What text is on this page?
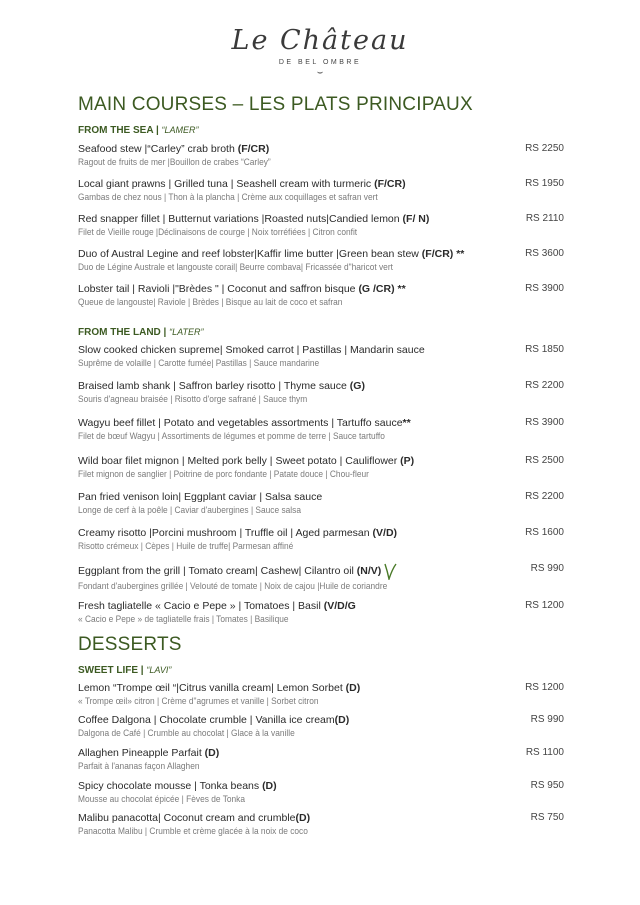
Le Château
DE BEL OMBRE
⌣
MAIN COURSES – LES PLATS PRINCIPAUX
FROM THE SEA | “LAMER”
Seafood stew |“Carley” crab broth (F/CR)
Ragout de fruits de mer |Bouillon de crabes “Carley”
RS 2250
Local giant prawns | Grilled tuna | Seashell cream with turmeric (F/CR)
Gambas de chez nous | Thon à la plancha | Crème aux coquillages et safran vert
RS 1950
Red snapper fillet | Butternut variations |Roasted nuts|Candied lemon (F/ N)
Filet de Vieille rouge |Déclinaisons de courge | Noix torréfiées | Citron confit
RS 2110
Duo of Austral Legine and reef lobster|Kaffir lime butter |Green bean stew (F/CR) **
Duo de Légine Australe et langouste corail| Beurre combava| Fricassée d"haricot vert
RS 3600
Lobster tail | Ravioli |"Brèdes " | Coconut and saffron bisque (G /CR) **
Queue de langouste| Raviole | Brèdes | Bisque au lait de coco et safran
RS 3900
FROM THE LAND | “LATER”
Slow cooked chicken supreme| Smoked carrot | Pastillas | Mandarin sauce
Suprême de volaille | Carotte fumée| Pastillas | Sauce mandarine
RS 1850
Braised lamb shank | Saffron barley risotto | Thyme sauce (G)
Souris d'agneau braisée | Risotto d'orge safrané | Sauce thym
RS 2200
Wagyu beef fillet | Potato and vegetables assortments | Tartuffo sauce**
Filet de bœuf Wagyu | Assortiments de légumes et pomme de terre | Sauce tartuffo
RS 3900
Wild boar filet mignon | Melted pork belly | Sweet potato | Cauliflower (P)
Filet mignon de sanglier | Poitrine de porc fondante | Patate douce | Chou-fleur
RS 2500
Pan fried venison loin| Eggplant caviar | Salsa sauce
Longe de cerf à la poêle | Caviar d'aubergines | Sauce salsa
RS 2200
Creamy risotto |Porcini mushroom | Truffle oil | Aged parmesan (V/D)
Risotto crémeux | Cèpes | Huile de truffe| Parmesan affiné
RS 1600
Eggplant from the grill | Tomato cream| Cashew| Cilantro oil (N/V)
Fondant d'aubergines grillée | Velouté de tomate | Noix de cajou |Huile de coriandre
RS 990
Fresh tagliatelle « Cacio e Pepe » | Tomatoes | Basil (V/D/G
« Cacio e Pepe » de tagliatelle frais | Tomates | Basilique
RS 1200
DESSERTS
SWEET LIFE | “LAVI”
Lemon “Trompe œil “|Citrus vanilla cream| Lemon Sorbet (D)
« Trompe œil» citron | Crème d"agrumes et vanille | Sorbet citron
RS 1200
Coffee Dalgona | Chocolate crumble | Vanilla ice cream(D)
Dalgona de Café | Crumble au chocolat | Glace à la vanille
RS 990
Allaghen Pineapple Parfait (D)
Parfait à l'ananas façon Allaghen
RS 1100
Spicy chocolate mousse | Tonka beans (D)
Mousse au chocolat épicée | Fèves de Tonka
RS 950
Malibu panacotta| Coconut cream and crumble(D)
Panacotta Malibu | Crumble et crème glacée à la noix de coco
RS 750
